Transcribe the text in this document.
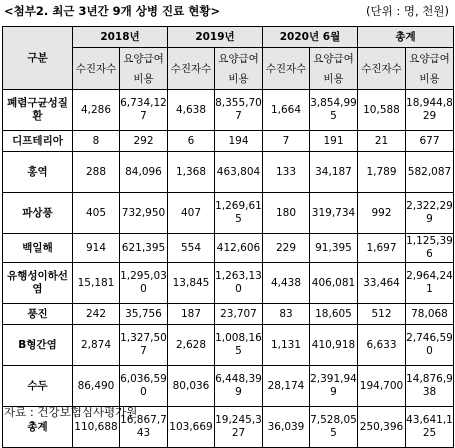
<첨부2. 최근 3년간 9개 상병 진료 현황>	(단위 : 명, 천원)
구분	2018년		2019년		2020년 6월		총계	
	수진자수	요양급여비용	수진자수	요양급여비용	수진자수	요양급여비용	수진자수	요양급여비용
폐렴구균성질환	4,286	6,734,127	4,638	8,355,707	1,664	3,854,995	10,588	18,944,829
디프테리아	8	292	6	194	7	191	21	677
홍역	288	84,096	1,368	463,804	133	34,187	1,789	582,087
파상풍	405	732,950	407	1,269,615	180	319,734	992	2,322,299
백일해	914	621,395	554	412,606	229	91,395	1,697	1,125,396
유행성이하선염	15,181	1,295,030	13,845	1,263,130	4,438	406,081	33,464	2,964,241
풍진	242	35,756	187	23,707	83	18,605	512	78,068
B형간염	2,874	1,327,507	2,628	1,008,165	1,131	410,918	6,633	2,746,590
수두	86,490	6,036,590	80,036	6,448,399	28,174	2,391,949	194,700	14,876,938
총계	110,688	16,867,743	103,669	19,245,327	36,039	7,528,055	250,396	43,641,125
자료 : 건강보험심사평가원
